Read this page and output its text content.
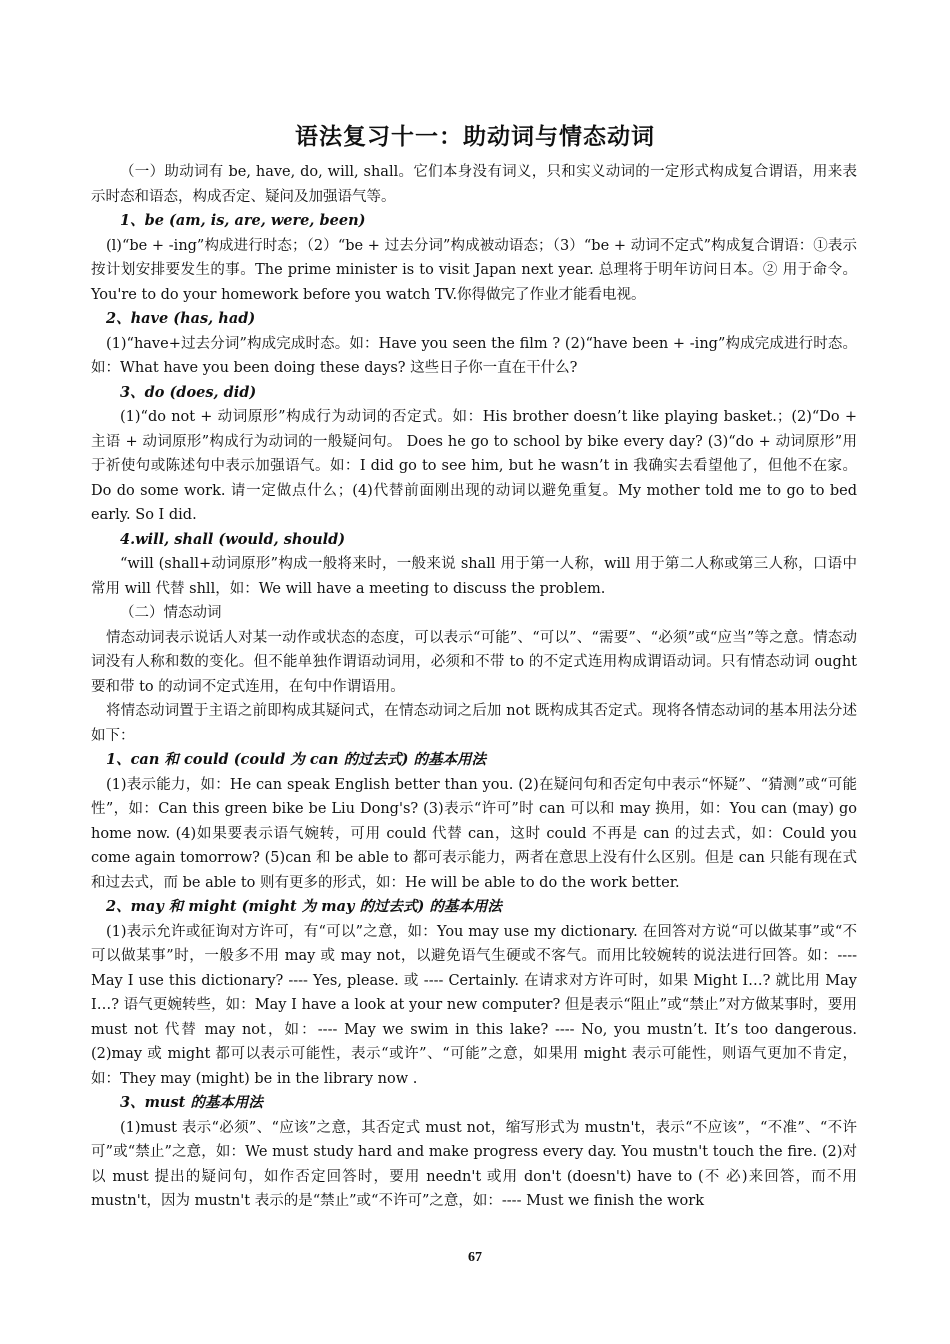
语法复习十一：助动词与情态动词

（一）助动词有 be, have, do, will, shall。它们本身没有词义，只和实义动词的一定形式构成复合谓语，用来表示时态和语态，构成否定、疑问及加强语气等。

1、be (am, is, are, were, been)

(l)“be + -ing”构成进行时态；（2）“be + 过去分词”构成被动语态；（3）“be + 动词不定式”构成复合谓语：①表示按计划安排要发生的事。The prime minister is to visit Japan next year. 总理将于明年访问日本。② 用于命令。You're to do your homework before you watch TV.你得做完了作业才能看电视。

2、have (has, had)

(1)“have+过去分词”构成完成时态。如：Have you seen the film ? (2)“have been + -ing”构成完成进行时态。如：What have you been doing these days? 这些日子你一直在干什么?

3、do (does, did)

(1)“do not + 动词原形”构成行为动词的否定式。如：His brother doesn’t like playing basket.；(2)“Do + 主语 + 动词原形”构成行为动词的一般疑问句。 Does he go to school by bike every day? (3)“do + 动词原形”用于祈使句或陈述句中表示加强语气。如：I did go to see him, but he wasn’t in 我确实去看望他了，但他不在家。Do do some work. 请一定做点什么；(4)代替前面刚出现的动词以避免重复。My mother told me to go to bed early. So I did.

4.will, shall (would, should)

“will (shall+动词原形”构成一般将来时，一般来说 shall 用于第一人称，will 用于第二人称或第三人称，口语中常用 will 代替 shll，如：We will have a meeting to discuss the problem.

（二）情态动词

情态动词表示说话人对某一动作或状态的态度，可以表示“可能”、“可以”、“需要”、“必须”或“应当”等之意。情态动词没有人称和数的变化。但不能单独作谓语动词用，必须和不带 to 的不定式连用构成谓语动词。只有情态动词 ought 要和带 to 的动词不定式连用，在句中作谓语用。

将情态动词置于主语之前即构成其疑问式，在情态动词之后加 not 既构成其否定式。现将各情态动词的基本用法分述如下：

1、can 和 could (could 为 can 的过去式) 的基本用法

(1)表示能力，如：He can speak English better than you. (2)在疑问句和否定句中表示“怀疑”、“猜测”或“可能性”，如：Can this green bike be Liu Dong's? (3)表示“许可”时 can 可以和 may 换用，如：You can (may) go home now. (4)如果要表示语气婉转，可用 could 代替 can，这时 could 不再是 can 的过去式，如：Could you come again tomorrow? (5)can 和 be able to 都可表示能力，两者在意思上没有什么区别。但是 can 只能有现在式和过去式，而 be able to 则有更多的形式，如：He will be able to do the work better.

2、may 和 might (might 为 may 的过去式) 的基本用法

(1)表示允许或征询对方许可，有“可以”之意，如：You may use my dictionary. 在回答对方说“可以做某事”或“不可以做某事”时，一般多不用 may 或 may not，以避免语气生硬或不客气。而用比较婉转的说法进行回答。如：---- May I use this dictionary? ---- Yes, please. 或 ---- Certainly. 在请求对方许可时，如果 Might I…? 就比用 May I…? 语气更婉转些，如：May I have a look at your new computer? 但是表示“阻止”或“禁止”对方做某事时，要用 must not 代替 may not，如：---- May we swim in this lake? ---- No, you mustn’t. It’s too dangerous. (2)may 或 might 都可以表示可能性，表示“或许”、“可能”之意，如果用 might 表示可能性，则语气更加不肯定，如：They may (might) be in the library now .

3、must 的基本用法

(1)must 表示“必须”、“应该”之意，其否定式 must not，缩写形式为 mustn't，表示“不应该”，“不准”、“不许可”或“禁止”之意，如：We must study hard and make progress every day. You mustn't touch the fire. (2)对以 must 提出的疑问句，如作否定回答时，要用 needn't 或用 don't (doesn't) have to (不 必)来回答，而不用 mustn't，因为 mustn't 表示的是“禁止”或“不许可”之意，如：---- Must we finish the work

67
